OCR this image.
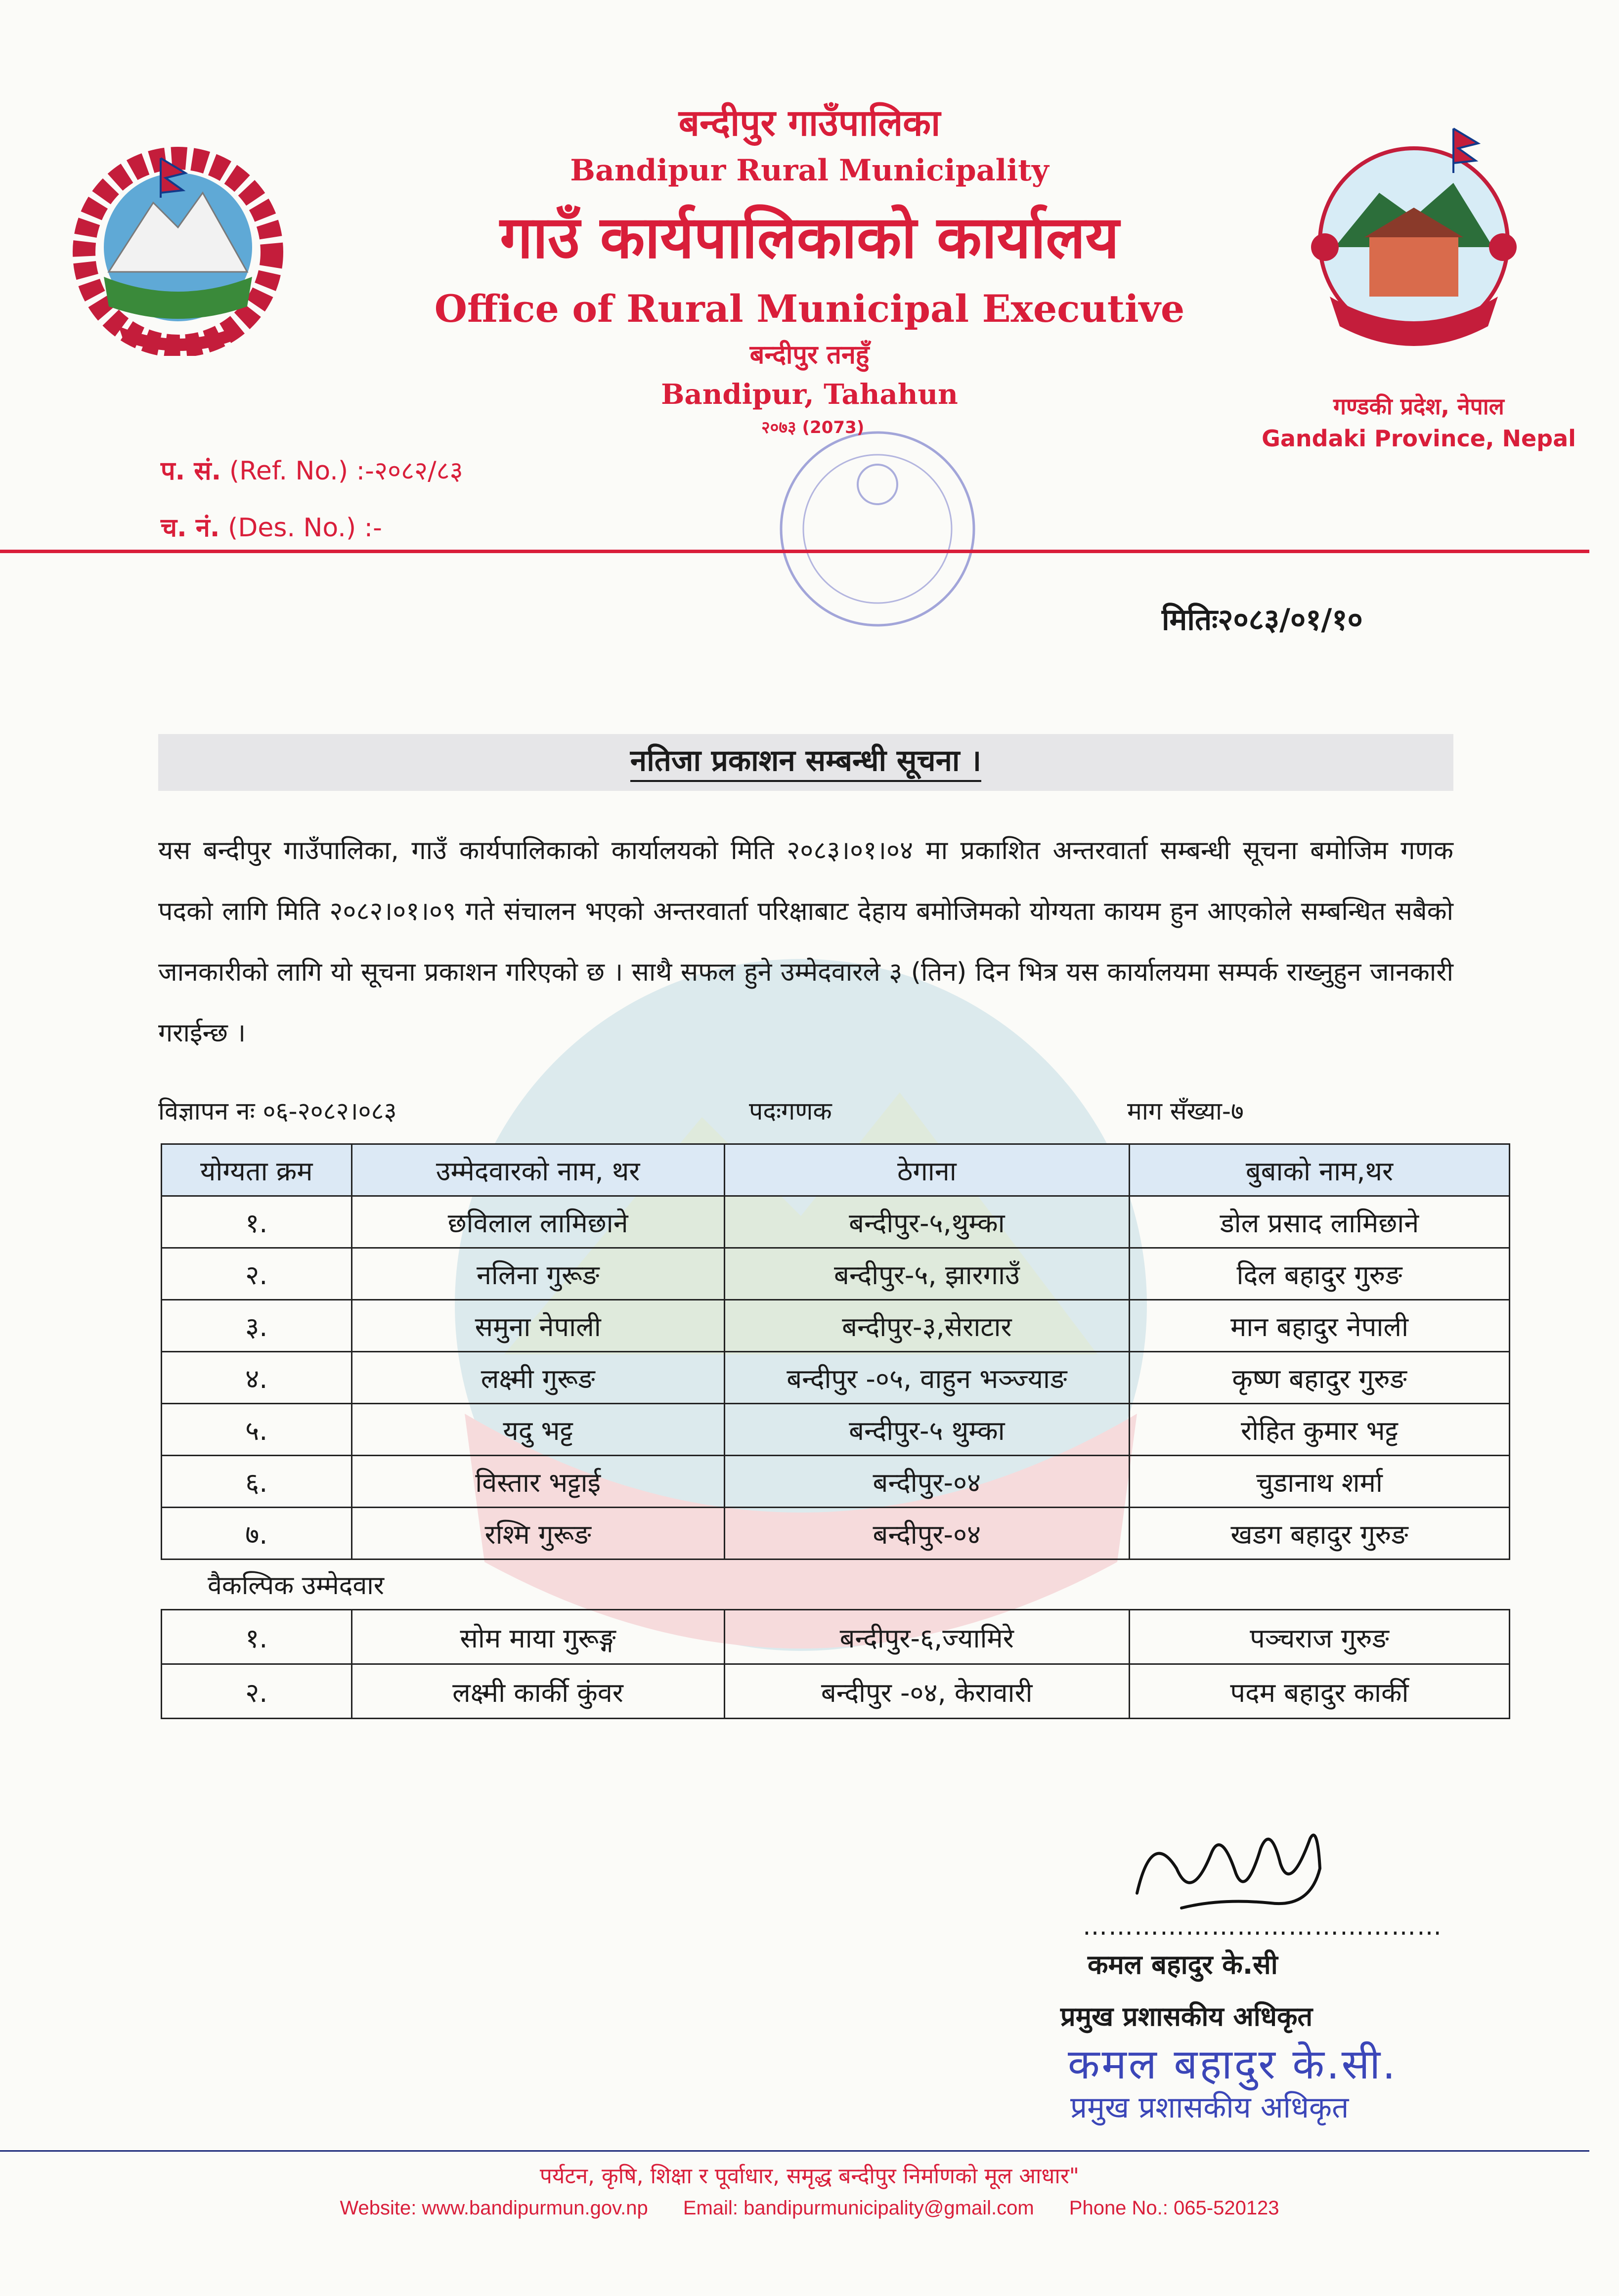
बन्दीपुर गाउँपालिका
Bandipur Rural Municipality
गाउँ कार्यपालिकाको कार्यालय
Office of Rural Municipal Executive
बन्दीपुर तनहुँ
Bandipur, Tahahun
२०७३ (2073)
गण्डकी प्रदेश, नेपाल
Gandaki Province, Nepal
प. सं. (Ref. No.) :-२०८२/८३
च. नं. (Des. No.) :-
मितिः२०८३/०१/१०
नतिजा प्रकाशन सम्बन्धी सूचना ।
यस बन्दीपुर गाउँपालिका, गाउँ कार्यपालिकाको कार्यालयको मिति २०८३।०१।०४ मा प्रकाशित अन्तरवार्ता सम्बन्धी सूचना बमोजिम गणक पदको लागि मिति २०८२।०१।०९ गते संचालन भएको अन्तरवार्ता परिक्षाबाट देहाय बमोजिमको योग्यता कायम हुन आएकोले सम्बन्धित सबैको जानकारीको लागि यो सूचना प्रकाशन गरिएको छ । साथै सफल हुने उम्मेदवारले ३ (तिन) दिन भित्र यस कार्यालयमा सम्पर्क राख्नुहुन जानकारी गराईन्छ ।
विज्ञापन नः ०६-२०८२।०८३	पदःगणक	माग सँख्या-७
योग्यता क्रम	उम्मेदवारको नाम, थर	ठेगाना	बुबाको नाम,थर
१.	छविलाल लामिछाने	बन्दीपुर-५,थुम्का	डोल प्रसाद लामिछाने
२.	नलिना गुरूङ	बन्दीपुर-५, झारगाउँ	दिल बहादुर गुरुङ
३.	समुना नेपाली	बन्दीपुर-३,सेराटार	मान बहादुर नेपाली
४.	लक्ष्मी गुरूङ	बन्दीपुर -०५, वाहुन भञ्ज्याङ	कृष्ण बहादुर गुरुङ
५.	यदु भट्ट	बन्दीपुर-५ थुम्का	रोहित कुमार भट्ट
६.	विस्तार भट्टाई	बन्दीपुर-०४	चुडानाथ शर्मा
७.	रश्मि गुरूङ	बन्दीपुर-०४	खडग बहादुर गुरुङ
वैकल्पिक उम्मेदवार
१.	सोम माया गुरूङ्ग	बन्दीपुर-६,ज्यामिरे	पञ्चराज गुरुङ
२.	लक्ष्मी कार्की कुंवर	बन्दीपुर -०४, केरावारी	पदम बहादुर कार्की
……………………………………
कमल बहादुर के.सी
प्रमुख प्रशासकीय अधिकृत
कमल बहादुर के.सी.
प्रमुख प्रशासकीय अधिकृत
पर्यटन, कृषि, शिक्षा र पूर्वाधार, समृद्ध बन्दीपुर निर्माणको मूल आधार"
Website: www.bandipurmun.gov.np Email: bandipurmunicipality@gmail.com Phone No.: 065-520123
